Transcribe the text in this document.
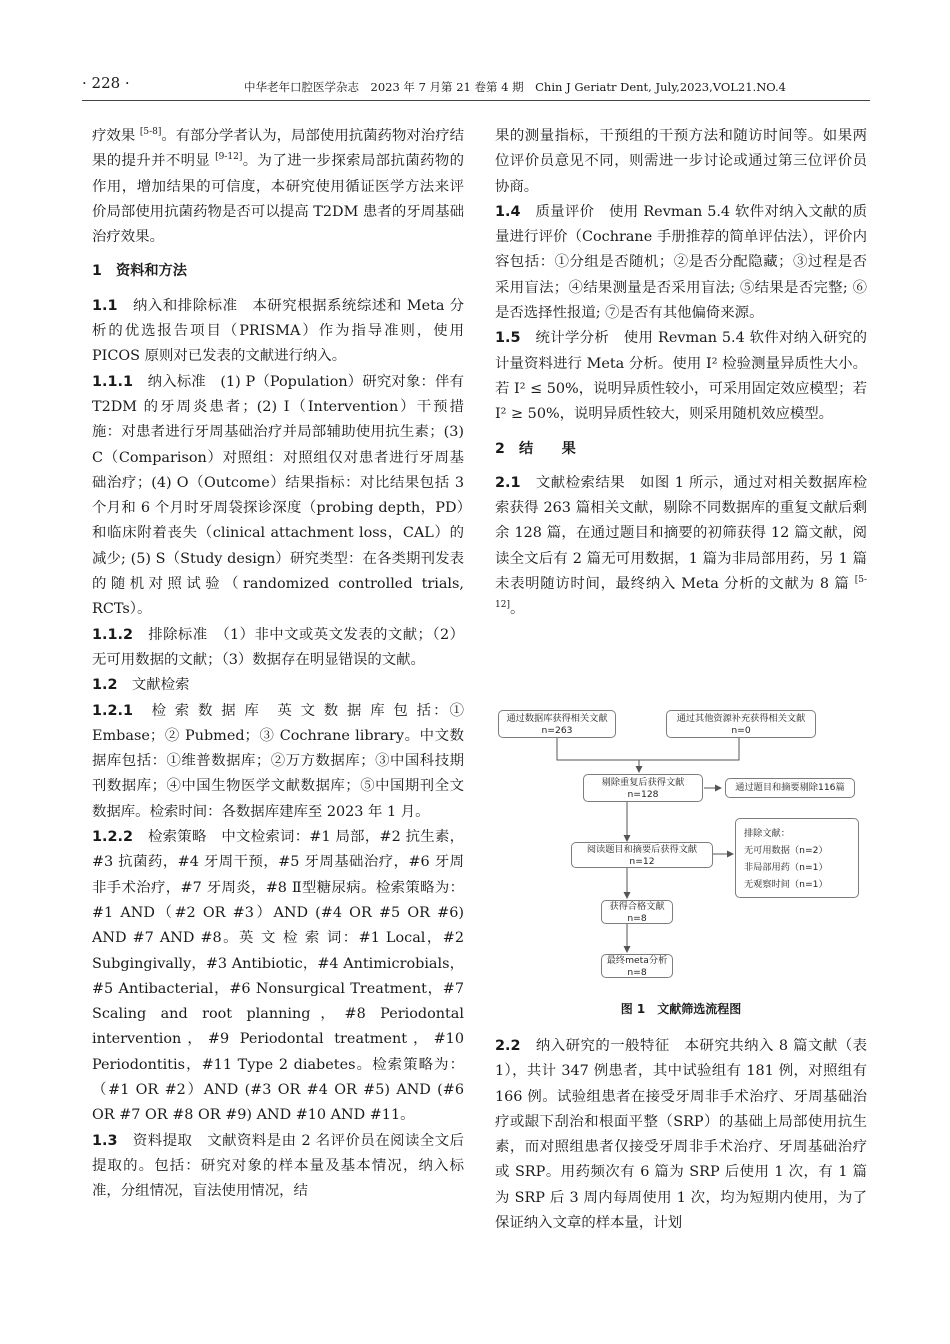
· 228 ·	中华老年口腔医学杂志　2023 年 7 月第 21 卷第 4 期　Chin J Geriatr Dent, July,2023,VOL21.NO.4

疗效果 [5-8]。有部分学者认为，局部使用抗菌药物对治疗结果的提升并不明显 [9-12]。为了进一步探索局部抗菌药物的作用，增加结果的可信度，本研究使用循证医学方法来评价局部使用抗菌药物是否可以提高 T2DM 患者的牙周基础治疗效果。

1　资料和方法

1.1　纳入和排除标准　本研究根据系统综述和 Meta 分析的优选报告项目（PRISMA）作为指导准则，使用 PICOS 原则对已发表的文献进行纳入。

1.1.1　纳入标准　(1) P（Population）研究对象：伴有 T2DM 的牙周炎患者；(2) I（Intervention）干预措施：对患者进行牙周基础治疗并局部辅助使用抗生素；(3) C（Comparison）对照组：对照组仅对患者进行牙周基础治疗；(4) O（Outcome）结果指标：对比结果包括 3 个月和 6 个月时牙周袋探诊深度（probing depth，PD）和临床附着丧失（clinical attachment loss，CAL）的减少; (5) S（Study design）研究类型：在各类期刊发表的随机对照试验（randomized controlled trials, RCTs）。

1.1.2　排除标准　（1）非中文或英文发表的文献；（2）无可用数据的文献；（3）数据存在明显错误的文献。

1.2　文献检索

1.2.1　检 索 数 据 库　英 文 数 据 库 包 括：① Embase；② Pubmed；③ Cochrane library。中文数据库包括：①维普数据库；②万方数据库；③中国科技期刊数据库；④中国生物医学文献数据库；⑤中国期刊全文数据库。检索时间：各数据库建库至 2023 年 1 月。

1.2.2　检索策略　中文检索词：#1 局部，#2 抗生素，#3 抗菌药，#4 牙周干预，#5 牙周基础治疗，#6 牙周非手术治疗，#7 牙周炎，#8 Ⅱ型糖尿病。检索策略为：#1 AND（#2 OR #3）AND (#4 OR #5 OR #6) AND #7 AND #8。英 文 检 索 词：#1 Local，#2 Subgingivally，#3 Antibiotic，#4 Antimicrobials，#5 Antibacterial，#6 Nonsurgical Treatment，#7 Scaling and root planning，#8 Periodontal intervention，#9 Periodontal treatment，#10 Periodontitis，#11 Type 2 diabetes。检索策略为：（#1 OR #2）AND (#3 OR #4 OR #5) AND (#6 OR #7 OR #8 OR #9) AND #10 AND #11。

1.3　资料提取　文献资料是由 2 名评价员在阅读全文后提取的。包括：研究对象的样本量及基本情况，纳入标准，分组情况，盲法使用情况，结

果的测量指标，干预组的干预方法和随访时间等。如果两位评价员意见不同，则需进一步讨论或通过第三位评价员协商。

1.4　质量评价　使用 Revman 5.4 软件对纳入文献的质量进行评价（Cochrane 手册推荐的简单评估法），评价内容包括：①分组是否随机；②是否分配隐藏；③过程是否采用盲法；④结果测量是否采用盲法; ⑤结果是否完整; ⑥是否选择性报道; ⑦是否有其他偏倚来源。

1.5　统计学分析　使用 Revman 5.4 软件对纳入研究的计量资料进行 Meta 分析。使用 I² 检验测量异质性大小。若 I² ≤ 50%，说明异质性较小，可采用固定效应模型；若 I² ≥ 50%，说明异质性较大，则采用随机效应模型。

2　结　　果

2.1　文献检索结果　如图 1 所示，通过对相关数据库检索获得 263 篇相关文献，剔除不同数据库的重复文献后剩余 128 篇，在通过题目和摘要的初筛获得 12 篇文献，阅读全文后有 2 篇无可用数据，1 篇为非局部用药，另 1 篇未表明随访时间，最终纳入 Meta 分析的文献为 8 篇 [5-12]。

通过数据库获得相关文献
n=263
通过其他资源补充获得相关文献
n=0
剔除重复后获得文献
n=128
通过题目和摘要剔除116篇
阅读题目和摘要后获得文献
n=12
排除文献：
无可用数据（n=2）
非局部用药（n=1）
无观察时间（n=1）
获得合格文献
n=8
最终meta分析
n=8
图 1　文献筛选流程图

2.2　纳入研究的一般特征　本研究共纳入 8 篇文献（表 1），共计 347 例患者，其中试验组有 181 例，对照组有 166 例。试验组患者在接受牙周非手术治疗、牙周基础治疗或龈下刮治和根面平整（SRP）的基础上局部使用抗生素，而对照组患者仅接受牙周非手术治疗、牙周基础治疗或 SRP。用药频次有 6 篇为 SRP 后使用 1 次，有 1 篇为 SRP 后 3 周内每周使用 1 次，均为短期内使用，为了保证纳入文章的样本量，计划
